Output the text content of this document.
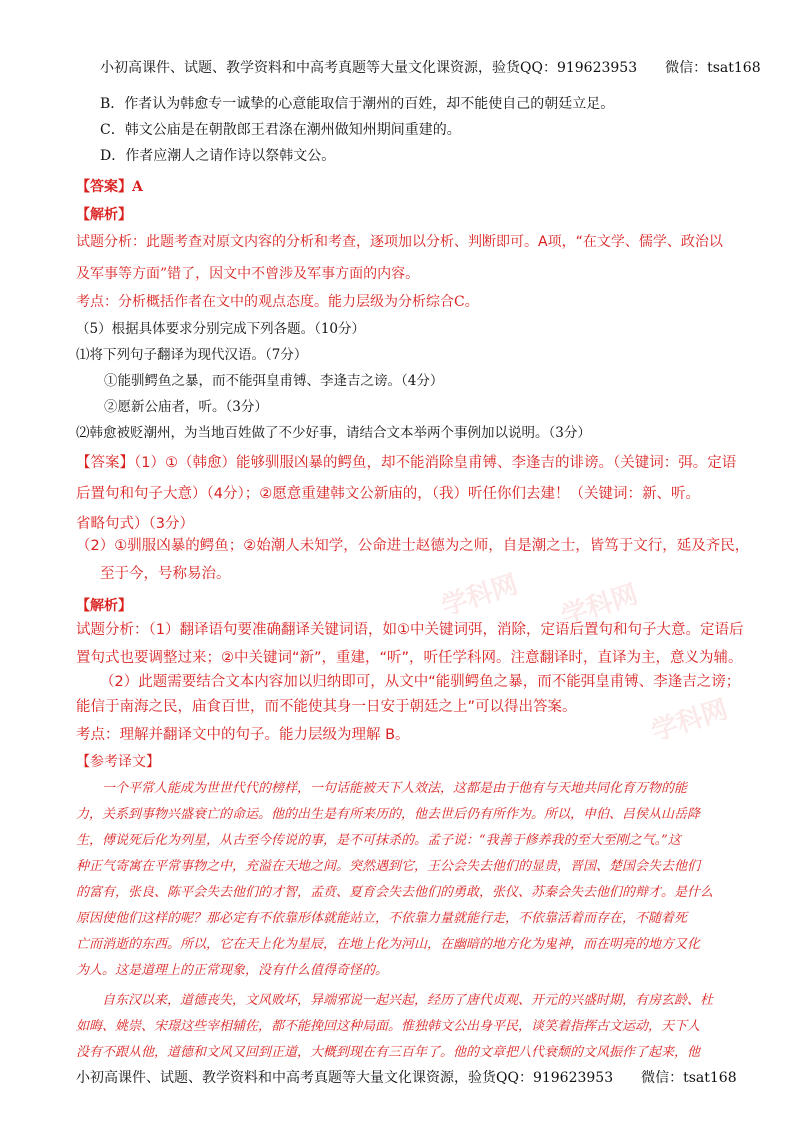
小初高课件、试题、教学资料和中高考真题等大量文化课资源，验货QQ：919623953　　微信：tsat168
B．作者认为韩愈专一诚挚的心意能取信于潮州的百姓，却不能使自己的朝廷立足。
C．韩文公庙是在朝散郎王君涤在潮州做知州期间重建的。
D．作者应潮人之请作诗以祭韩文公。
【答案】A
【解析】
试题分析：此题考查对原文内容的分析和考查，逐项加以分析、判断即可。A项，“在文学、儒学、政治以
及军事等方面”错了，因文中不曾涉及军事方面的内容。
考点：分析概括作者在文中的观点态度。能力层级为分析综合C。
（5）根据具体要求分别完成下列各题。（10分）
⑴将下列句子翻译为现代汉语。（7分）
①能驯鳄鱼之暴，而不能弭皇甫镈、李逢吉之谤。（4分）
②愿新公庙者，听。（3分）
⑵韩愈被贬潮州，为当地百姓做了不少好事，请结合文本举两个事例加以说明。（3分）
【答案】（1）①（韩愈）能够驯服凶暴的鳄鱼，却不能消除皇甫镈、李逢吉的诽谤。（关键词：弭。定语
后置句和句子大意）（4分）；②愿意重建韩文公新庙的，（我）听任你们去建！（关键词：新、听。
省略句式）（3分）
（2）①驯服凶暴的鳄鱼；②始潮人未知学，公命进士赵德为之师，自是潮之士，皆笃于文行，延及齐民，
至于今，号称易治。
【解析】
试题分析：（1）翻译语句要准确翻译关键词语，如①中关键词弭，消除，定语后置句和句子大意。定语后
置句式也要调整过来；②中关键词“新”，重建，“听”，听任学科网。注意翻译时，直译为主，意义为辅。
（2）此题需要结合文本内容加以归纳即可，从文中“能驯鳄鱼之暴，而不能弭皇甫镈、李逢吉之谤；
能信于南海之民，庙食百世，而不能使其身一日安于朝廷之上”可以得出答案。
考点：理解并翻译文中的句子。能力层级为理解 B。
【参考译文】
一个平常人能成为世世代代的榜样，一句话能被天下人效法，这都是由于他有与天地共同化育万物的能
力，关系到事物兴盛衰亡的命运。他的出生是有所来历的，他去世后仍有所作为。所以，申伯、吕侯从山岳降
生，傅说死后化为列星，从古至今传说的事，是不可抹杀的。孟子说：“我善于修养我的至大至刚之气。”这
种正气寄寓在平常事物之中，充溢在天地之间。突然遇到它，王公会失去他们的显贵，晋国、楚国会失去他们
的富有，张良、陈平会失去他们的才智，孟贲、夏育会失去他们的勇敢，张仪、苏秦会失去他们的辩才。是什么
原因使他们这样的呢？那必定有不依靠形体就能站立，不依靠力量就能行走，不依靠活着而存在，不随着死
亡而消逝的东西。所以，它在天上化为星辰，在地上化为河山，在幽暗的地方化为鬼神，而在明亮的地方又化
为人。这是道理上的正常现象，没有什么值得奇怪的。
自东汉以来，道德丧失，文风败坏，异端邪说一起兴起，经历了唐代贞观、开元的兴盛时期，有房玄龄、杜
如晦、姚崇、宋璟这些宰相辅佐，都不能挽回这种局面。惟独韩文公出身平民，谈笑着指挥古文运动，天下人
没有不跟从他，道德和文风又回到正道，大概到现在有三百年了。他的文章把八代衰颓的文风振作了起来，他
小初高课件、试题、教学资料和中高考真题等大量文化课资源，验货QQ：919623953　　微信：tsat168
学科网 学科网
学科网
